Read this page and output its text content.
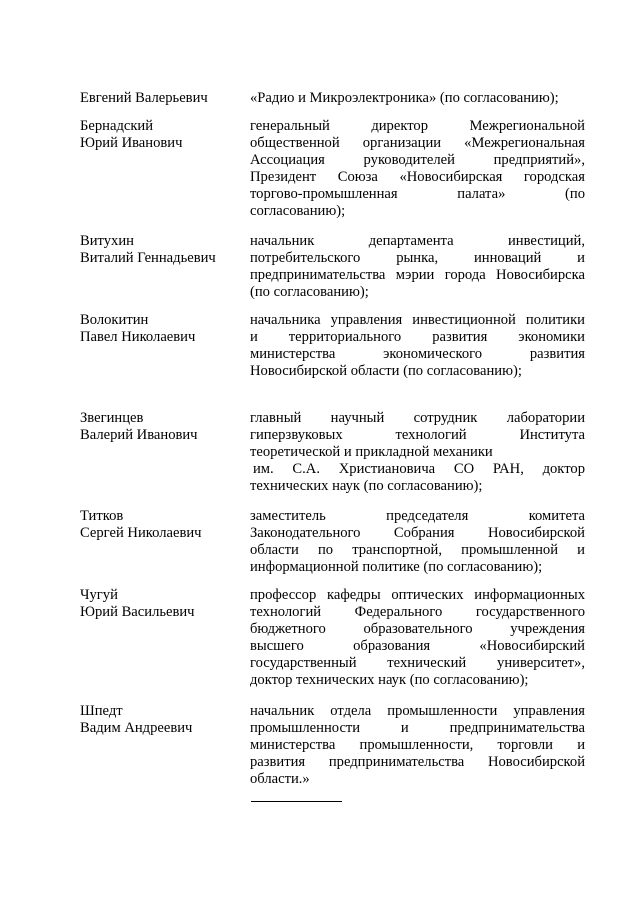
Евгений Валерьевич	«Радио и Микроэлектроника» (по согласованию);
Бернадский
Юрий Иванович
генеральный директор Межрегиональной
общественной организации «Межрегиональная
Ассоциация руководителей предприятий»,
Президент Союза «Новосибирская городская
торгово-промышленная палата» (по
согласованию);
Витухин
Виталий Геннадьевич
начальник департамента инвестиций,
потребительского рынка, инноваций и
предпринимательства мэрии города Новосибирска
(по согласованию);
Волокитин
Павел Николаевич
начальника управления инвестиционной политики
и территориального развития экономики
министерства экономического развития
Новосибирской области (по согласованию);
Звегинцев
Валерий Иванович
главный научный сотрудник лаборатории
гиперзвуковых технологий Института
теоретической и прикладной механики
им. С.А. Христиановича СО РАН, доктор
технических наук (по согласованию);
Титков
Сергей Николаевич
заместитель председателя комитета
Законодательного Собрания Новосибирской
области по транспортной, промышленной и
информационной политике (по согласованию);
Чугуй
Юрий Васильевич
профессор кафедры оптических информационных
технологий Федерального государственного
бюджетного образовательного учреждения
высшего образования «Новосибирский
государственный технический университет»,
доктор технических наук (по согласованию);
Шпедт
Вадим Андреевич
начальник отдела промышленности управления
промышленности и предпринимательства
министерства промышленности, торговли и
развития предпринимательства Новосибирской
области.»
